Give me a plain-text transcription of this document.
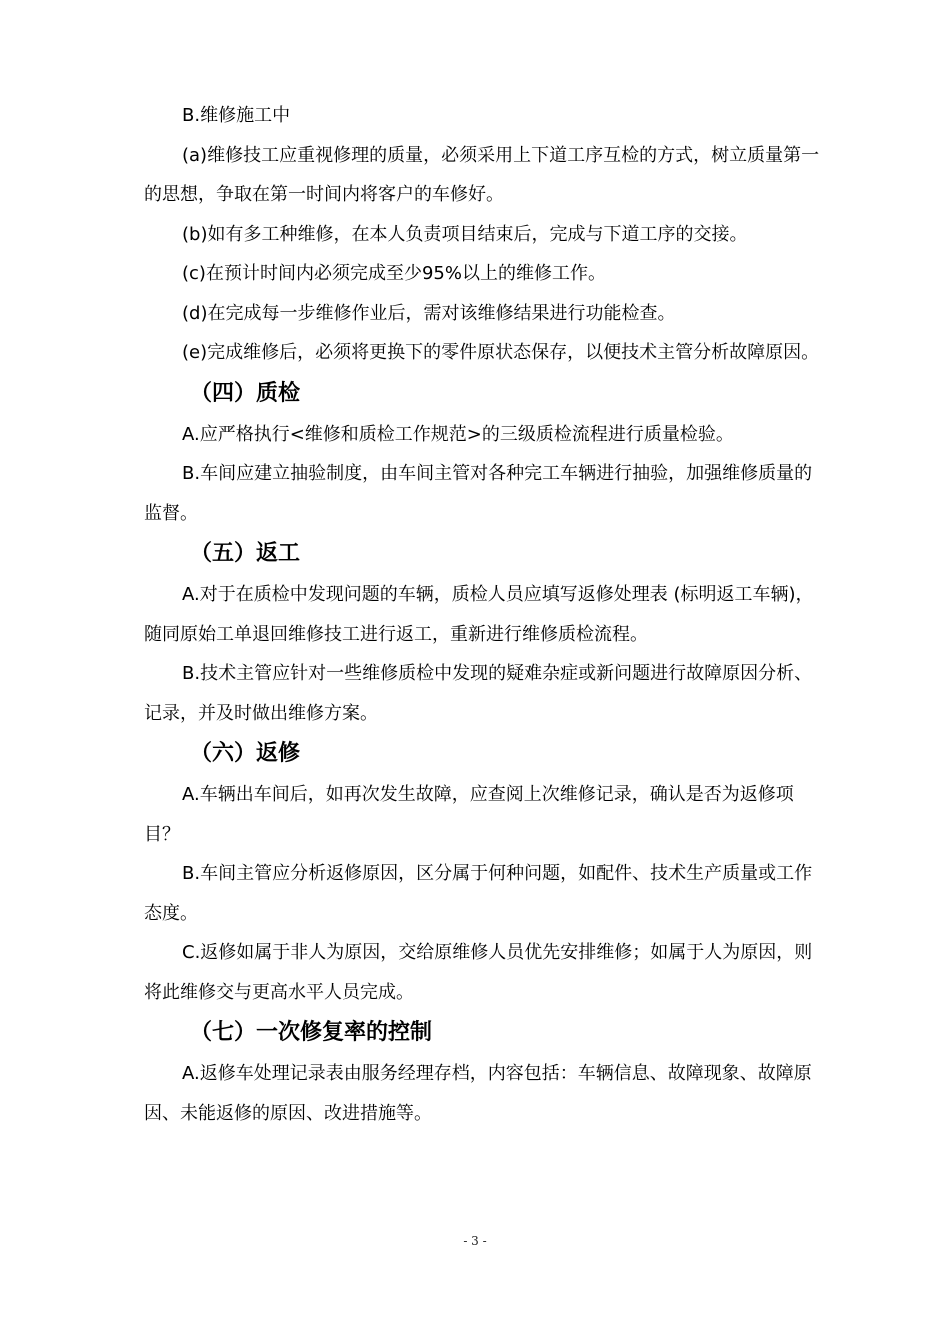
B.维修施工中

(a)维修技工应重视修理的质量，必须采用上下道工序互检的方式，树立质量第一的思想，争取在第一时间内将客户的车修好。

(b)如有多工种维修，在本人负责项目结束后，完成与下道工序的交接。

(c)在预计时间内必须完成至少95%以上的维修工作。

(d)在完成每一步维修作业后，需对该维修结果进行功能检查。

(e)完成维修后，必须将更换下的零件原状态保存，以便技术主管分析故障原因。

（四）质检

A.应严格执行<维修和质检工作规范>的三级质检流程进行质量检验。

B.车间应建立抽验制度，由车间主管对各种完工车辆进行抽验，加强维修质量的监督。

（五）返工

A.对于在质检中发现问题的车辆，质检人员应填写返修处理表 (标明返工车辆)，随同原始工单退回维修技工进行返工，重新进行维修质检流程。

B.技术主管应针对一些维修质检中发现的疑难杂症或新问题进行故障原因分析、记录，并及时做出维修方案。

（六）返修

A.车辆出车间后，如再次发生故障，应查阅上次维修记录，确认是否为返修项目？

B.车间主管应分析返修原因，区分属于何种问题，如配件、技术生产质量或工作态度。

C.返修如属于非人为原因，交给原维修人员优先安排维修；如属于人为原因，则将此维修交与更高水平人员完成。

（七）一次修复率的控制

A.返修车处理记录表由服务经理存档，内容包括：车辆信息、故障现象、故障原因、未能返修的原因、改进措施等。

- 3 -
